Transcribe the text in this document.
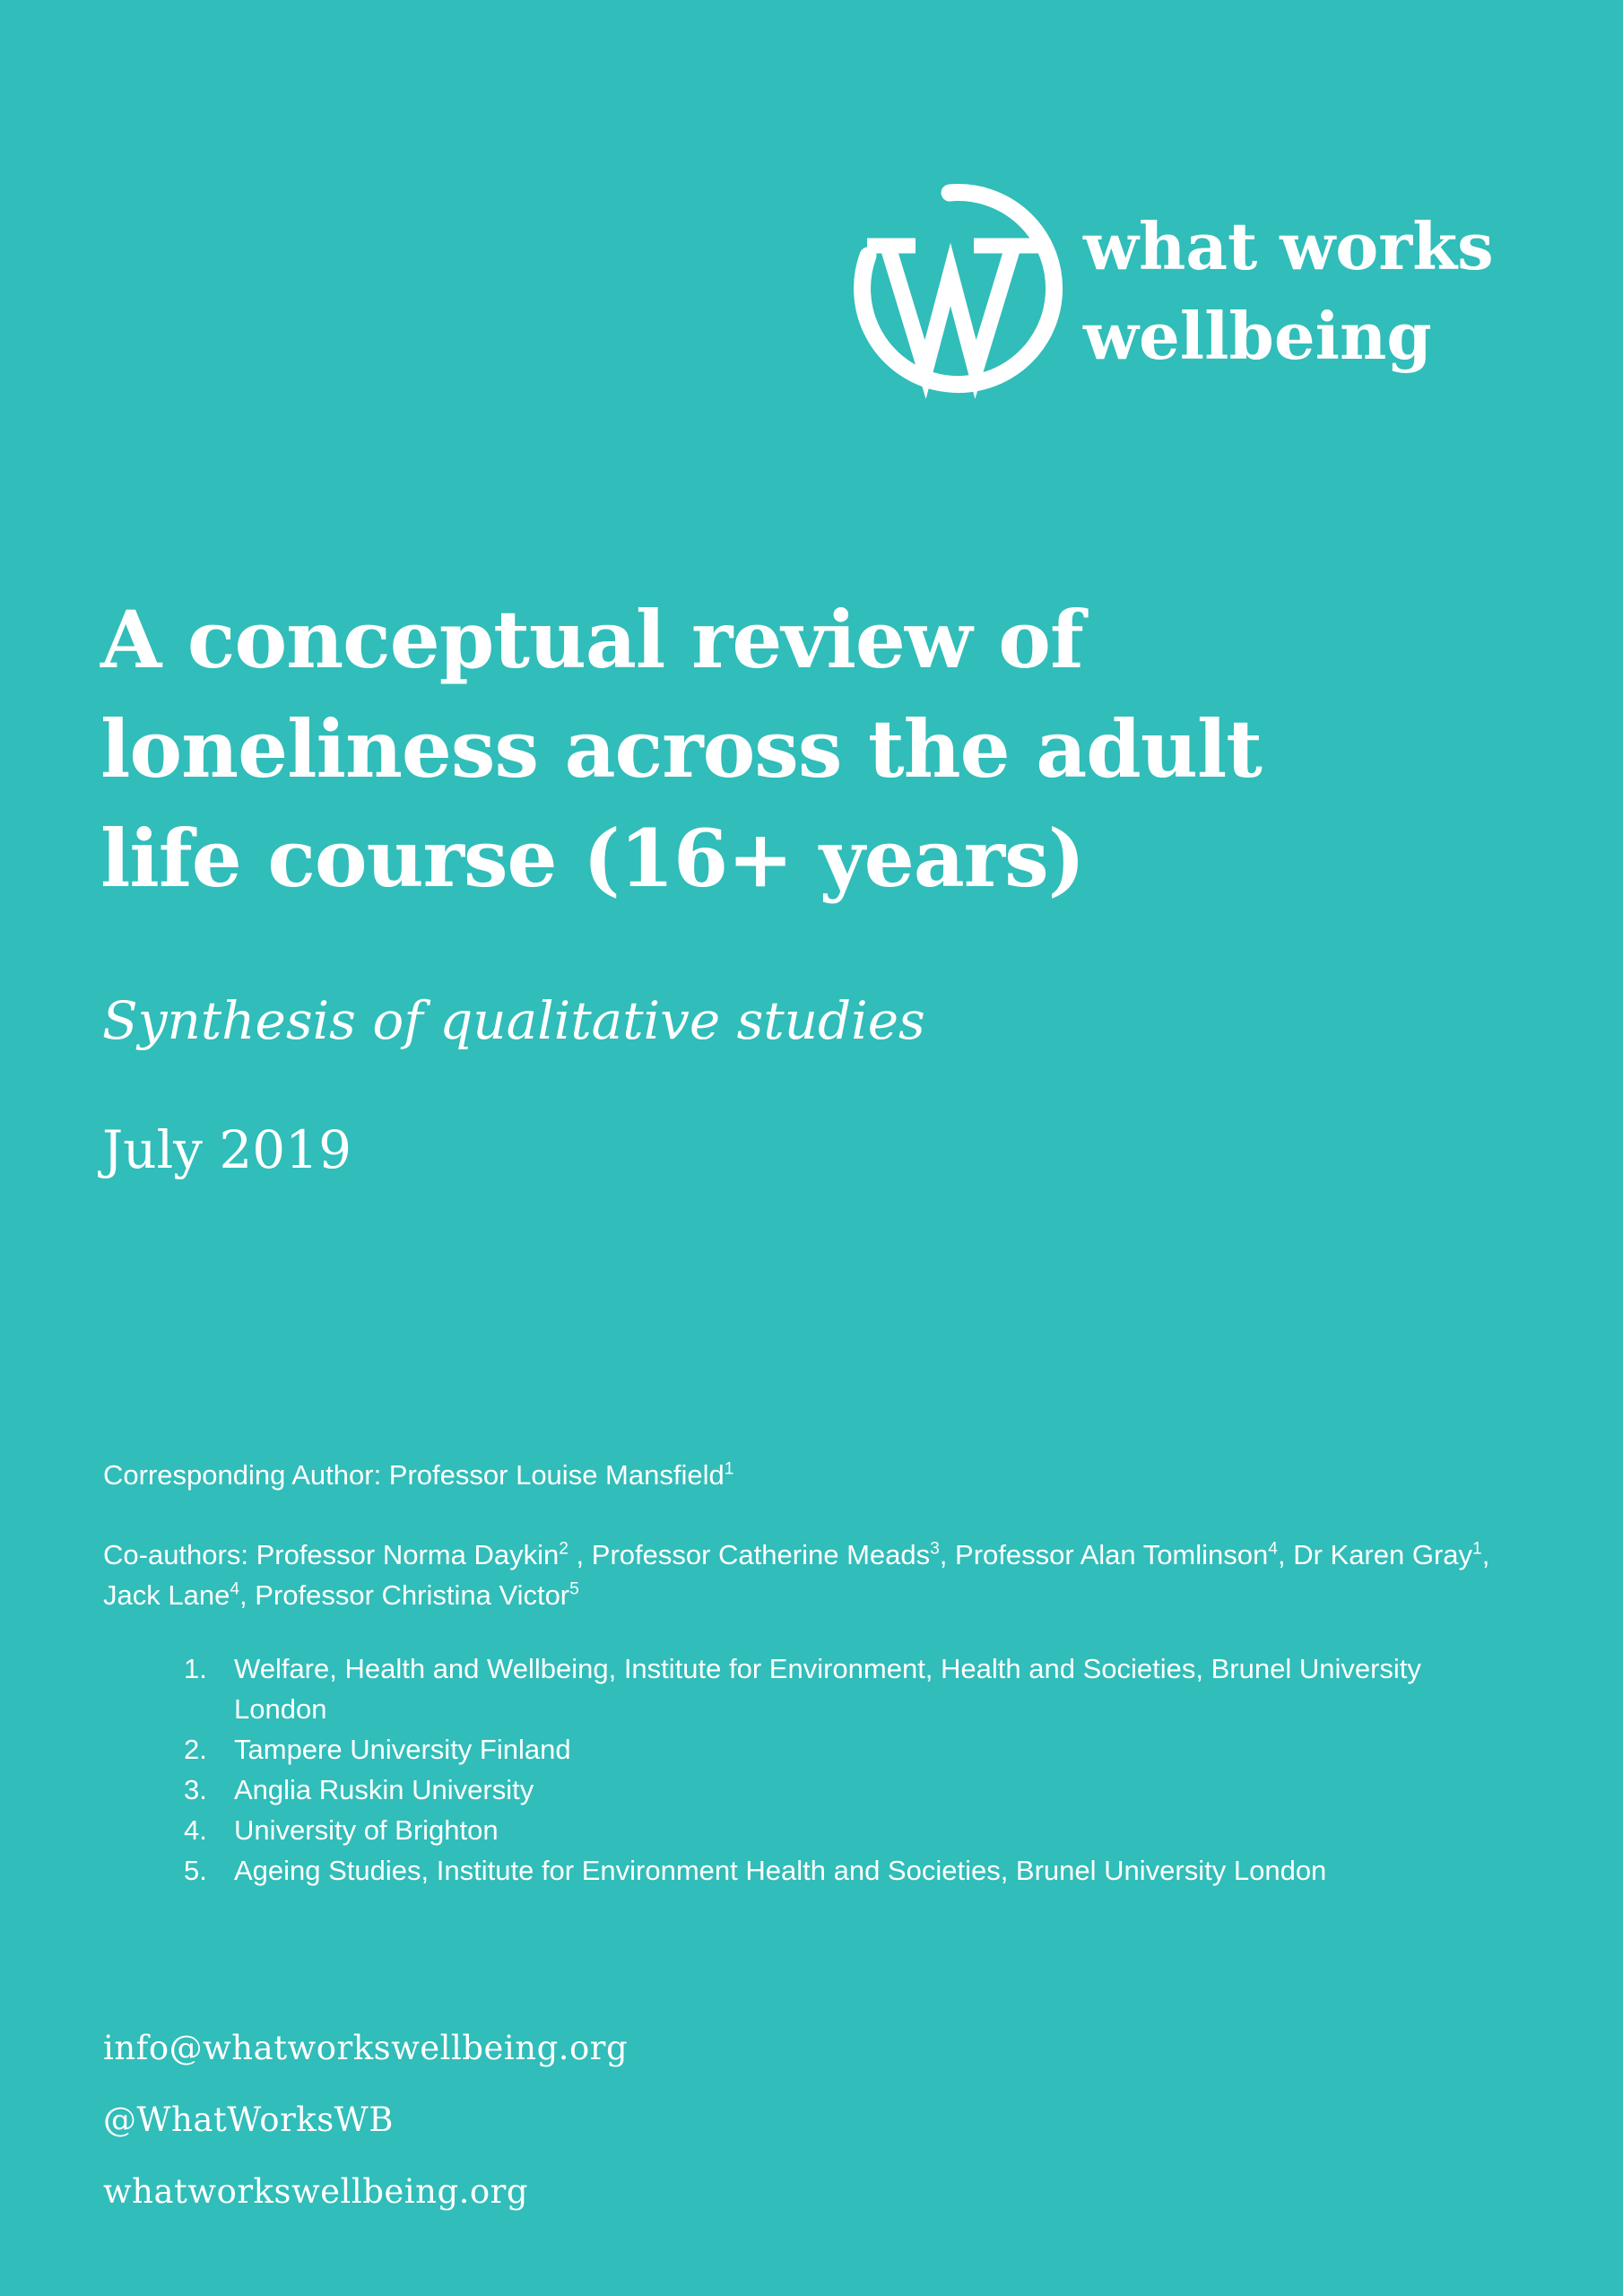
what works
wellbeing
A conceptual review of
loneliness across the adult
life course (16+ years)
Synthesis of qualitative studies
July 2019

Corresponding Author: Professor Louise Mansfield$^1$

Co-authors: Professor Norma Daykin$^2$ , Professor Catherine Meads$^3$, Professor Alan Tomlinson$^4$, Dr Karen Gray$^1$, Jack Lane$^4$, Professor Christina Victor$^5$

1. Welfare, Health and Wellbeing, Institute for Environment, Health and Societies, Brunel University London
2. Tampere University Finland
3. Anglia Ruskin University
4. University of Brighton
5. Ageing Studies, Institute for Environment Health and Societies, Brunel University London
info@whatworkswellbeing.org
@WhatWorksWB
whatworkswellbeing.org
